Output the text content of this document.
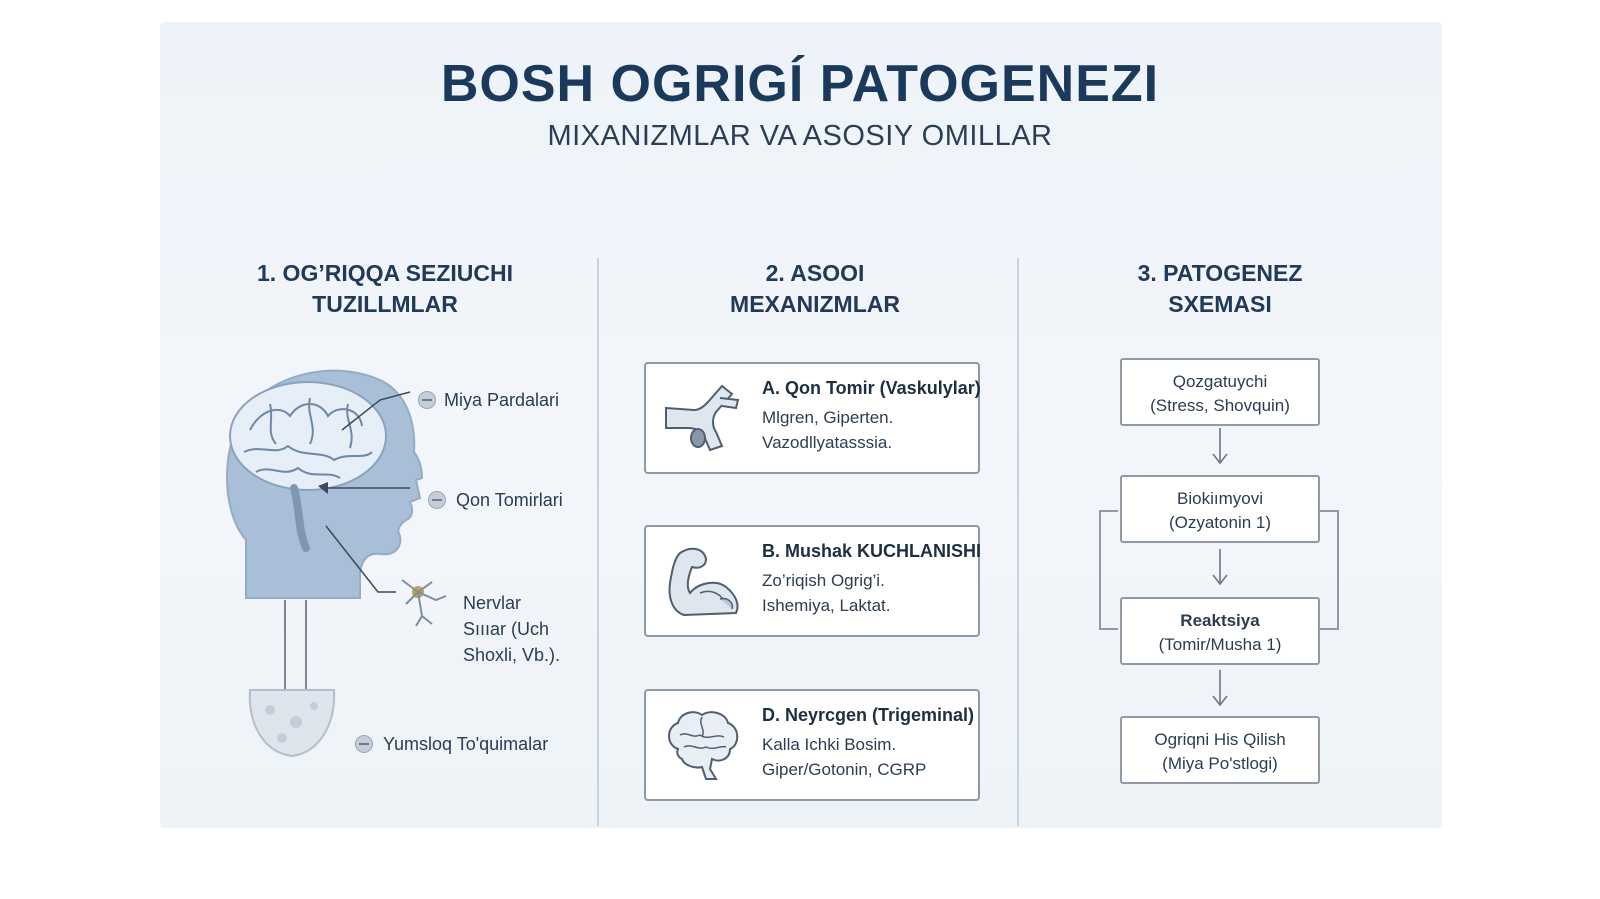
BOSH OGRIGÍ PATOGENEZI
MIXANIZMLAR VA ASOSIY OMILLAR
1. OG’RIQQA SEZIUCHI
TUZILLMLAR
2. ASOOI
MEXANIZMLAR
3. PATOGENEZ
SXEMASI
Miya Pardalari
Qon Tomirlari
Nervlar
Sıııar (Uch
Shoxli, Vb.).
Yumsloq To'quimalar
A. Qon Tomir (Vaskulylar)
Mlgren, Giperten.
Vazodllyatasssia.
B. Mushak KUCHLANISHI
Zo’riqish Ogrig’i.
Ishemiya, Laktat.
D. Neyrcgen (Trigeminal)
Kalla Ichki Bosim.
Giper/Gotonin, CGRP
Qozgatuychi
(Stress, Shovquin)
Biokiımyovi
(Ozyatonin 1)
Reaktsiya
(Tomir/Musha 1)
Ogriqni His Qilish
(Miya Po'stlogi)
